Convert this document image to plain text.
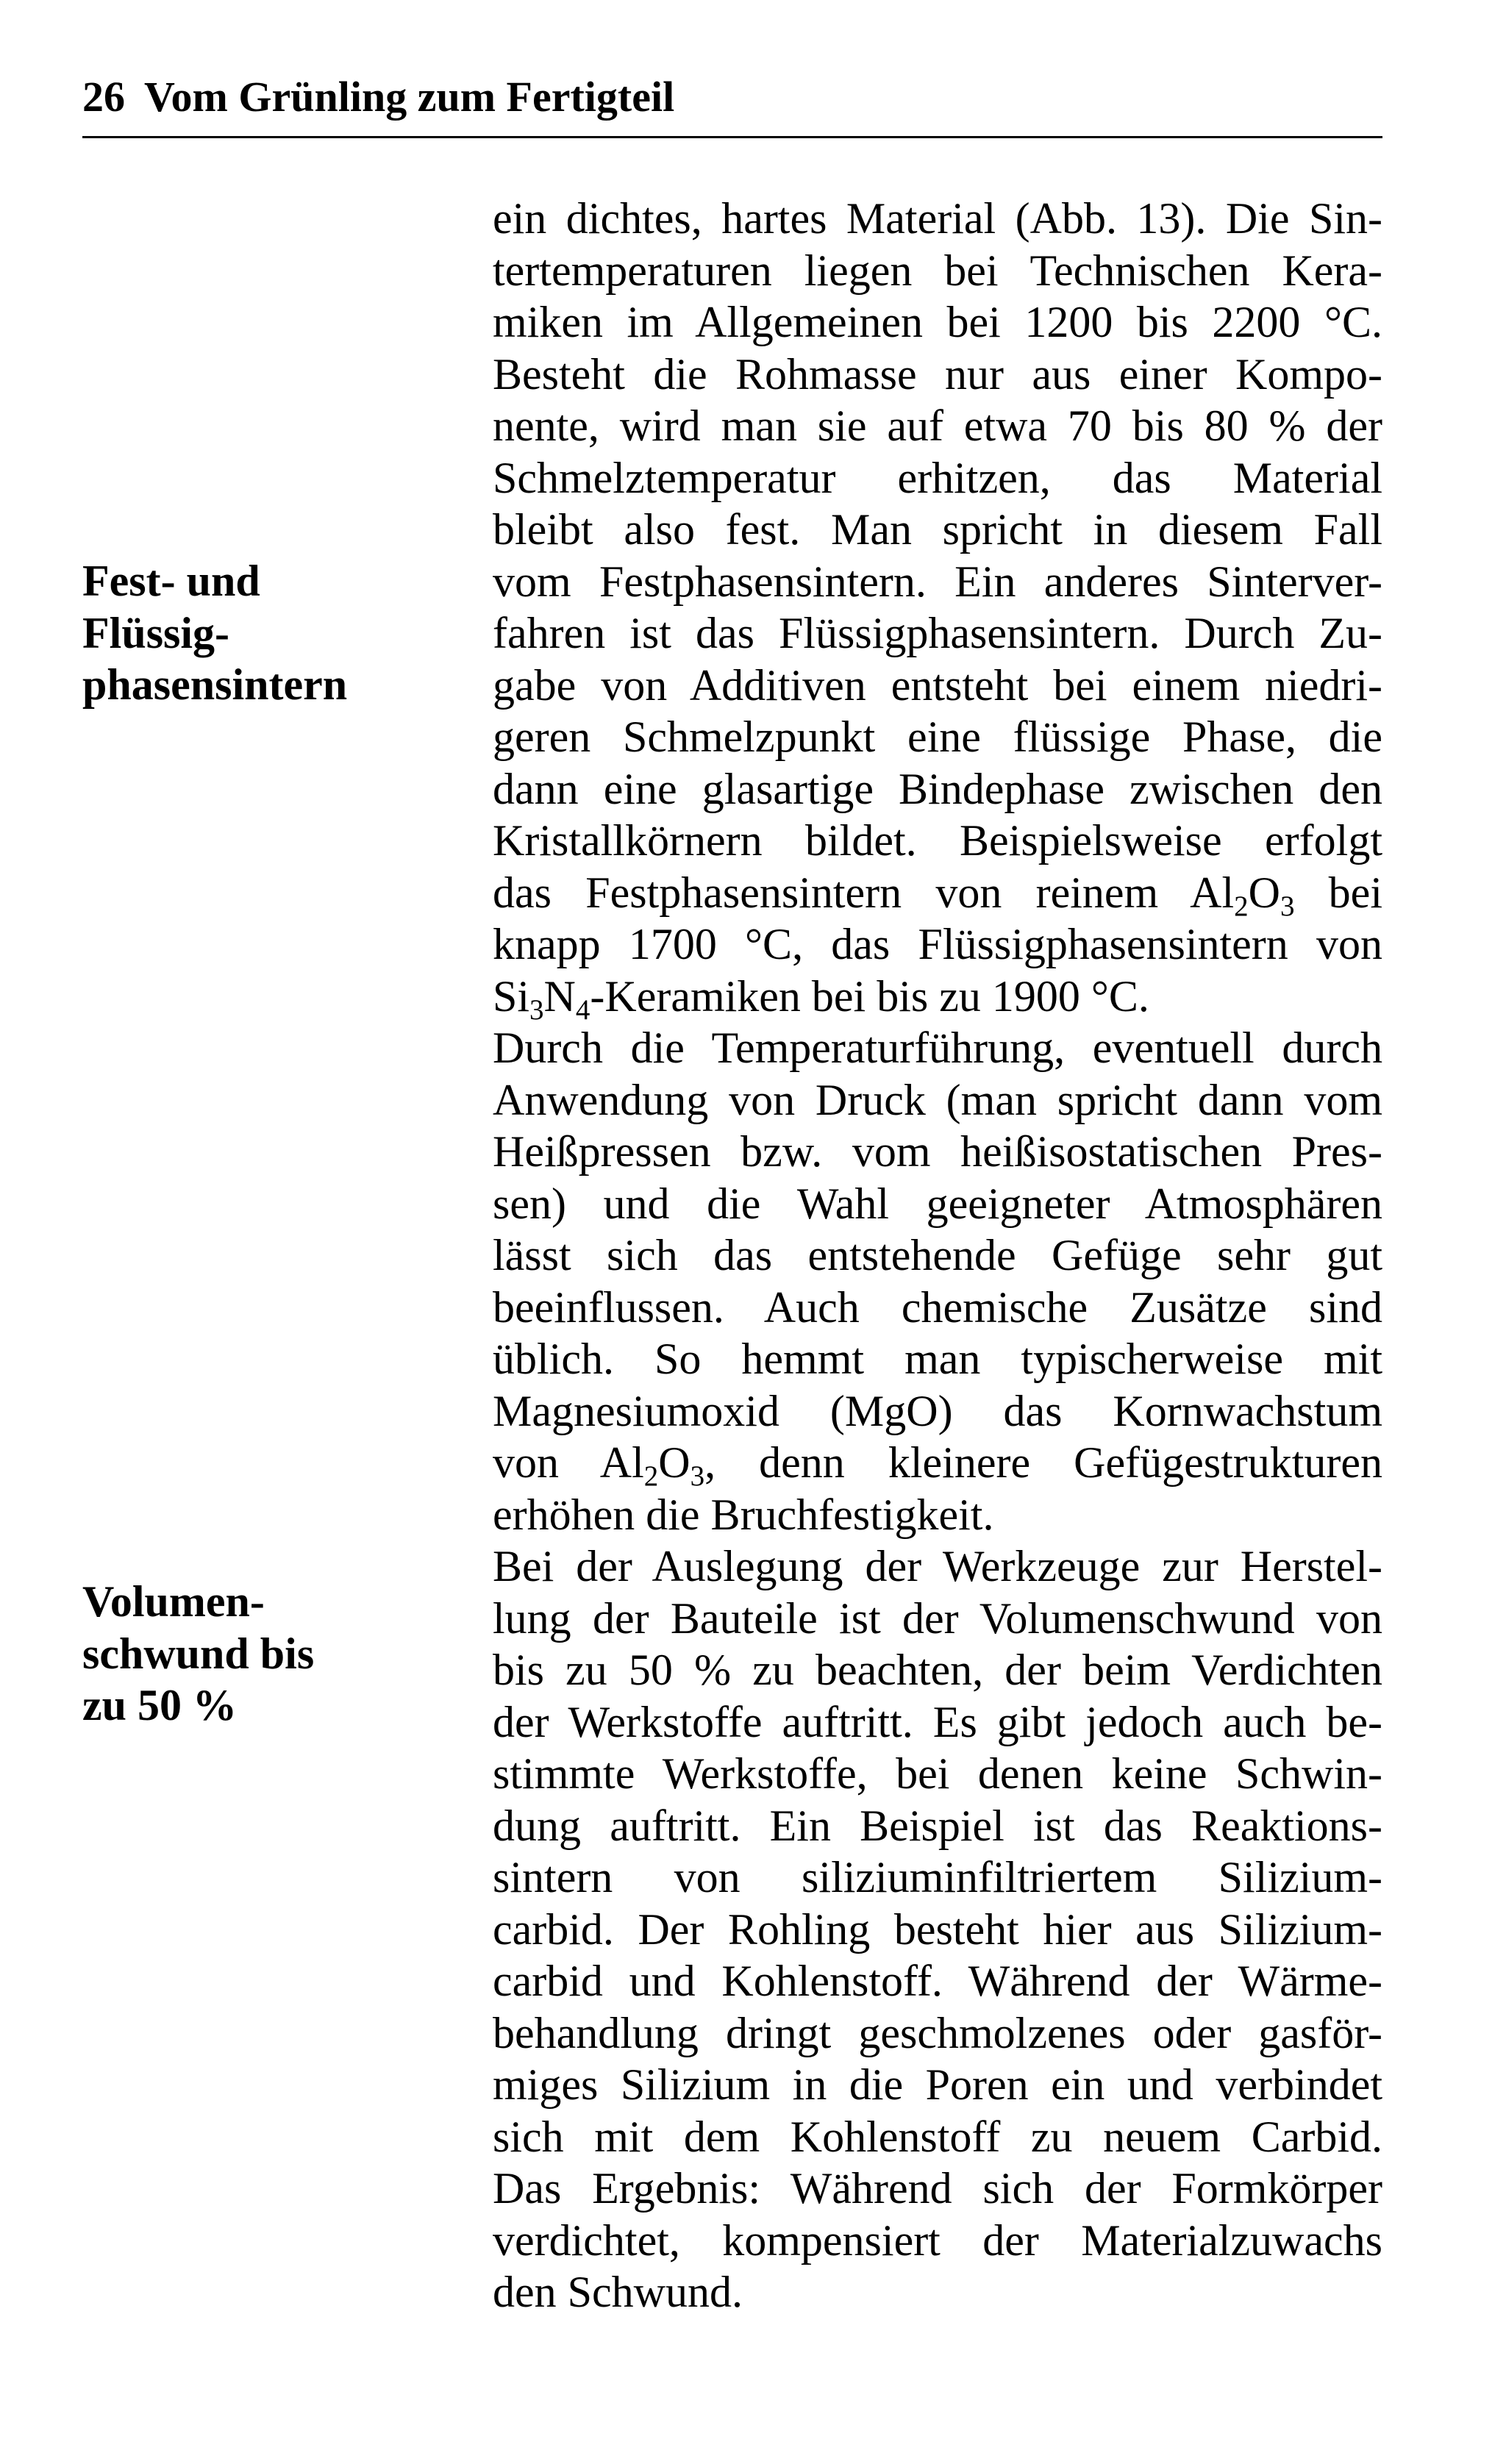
26 Vom Grünling zum Fertigteil
Fest- und
Flüssig-
phasensintern
Volumen-
schwund bis
zu 50 %
ein dichtes, hartes Material (Abb. 13). Die Sin-
tertemperaturen liegen bei Technischen Kera-
miken im Allgemeinen bei 1200 bis 2200 °C.
Besteht die Rohmasse nur aus einer Kompo-
nente, wird man sie auf etwa 70 bis 80 % der
Schmelztemperatur erhitzen, das Material
bleibt also fest. Man spricht in diesem Fall
vom Festphasensintern. Ein anderes Sinterver-
fahren ist das Flüssigphasensintern. Durch Zu-
gabe von Additiven entsteht bei einem niedri-
geren Schmelzpunkt eine flüssige Phase, die
dann eine glasartige Bindephase zwischen den
Kristallkörnern bildet. Beispielsweise erfolgt
das Festphasensintern von reinem $Al_2O_3$ bei
knapp 1700 °C, das Flüssigphasensintern von
$Si_3N_4$-Keramiken bei bis zu 1900 °C.
Durch die Temperaturführung, eventuell durch
Anwendung von Druck (man spricht dann vom
Heißpressen bzw. vom heißisostatischen Pres-
sen) und die Wahl geeigneter Atmosphären
lässt sich das entstehende Gefüge sehr gut
beeinflussen. Auch chemische Zusätze sind
üblich. So hemmt man typischerweise mit
Magnesiumoxid (MgO) das Kornwachstum
von $Al_2O_3$, denn kleinere Gefügestrukturen
erhöhen die Bruchfestigkeit.
Bei der Auslegung der Werkzeuge zur Herstel-
lung der Bauteile ist der Volumenschwund von
bis zu 50 % zu beachten, der beim Verdichten
der Werkstoffe auftritt. Es gibt jedoch auch be-
stimmte Werkstoffe, bei denen keine Schwin-
dung auftritt. Ein Beispiel ist das Reaktions-
sintern von siliziuminfiltriertem Silizium-
carbid. Der Rohling besteht hier aus Silizium-
carbid und Kohlenstoff. Während der Wärme-
behandlung dringt geschmolzenes oder gasför-
miges Silizium in die Poren ein und verbindet
sich mit dem Kohlenstoff zu neuem Carbid.
Das Ergebnis: Während sich der Formkörper
verdichtet, kompensiert der Materialzuwachs
den Schwund.
